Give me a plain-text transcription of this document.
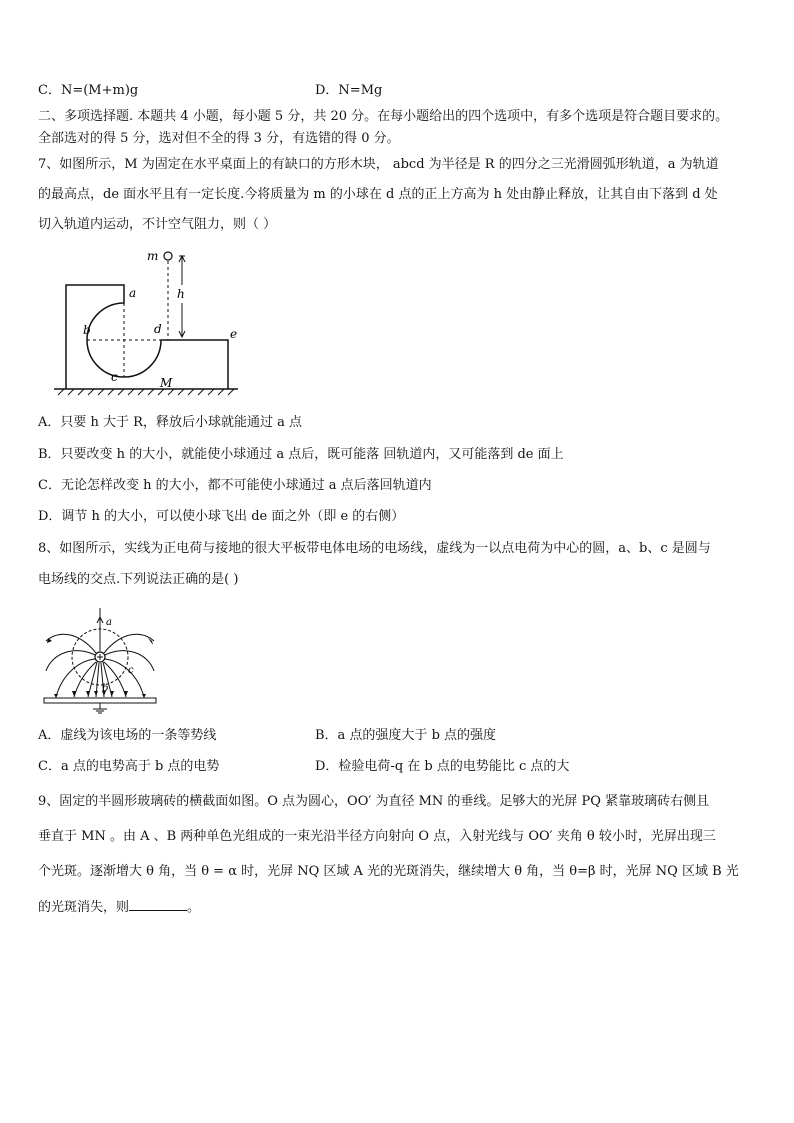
C．N=(M+m)g	D．N=Mg
二、多项选择题. 本题共 4 小题，每小题 5 分，共 20 分。在每小题给出的四个选项中，有多个选项是符合题目要求的。
全部选对的得 5 分，选对但不全的得 3 分，有选错的得 0 分。
7、如图所示，M 为固定在水平桌面上的有缺口的方形木块， abcd 为半径是 R 的四分之三光滑圆弧形轨道，a 为轨道
的最高点，de 面水平且有一定长度.今将质量为 m 的小球在 d 点的正上方高为 h 处由静止释放，让其自由下落到 d 处
切入轨道内运动，不计空气阻力，则（ ）
m
h
a
b	d	e
c	M
A．只要 h 大于 R，释放后小球就能通过 a 点
B．只要改变 h 的大小，就能使小球通过 a 点后，既可能落 回轨道内，又可能落到 de 面上
C．无论怎样改变 h 的大小，都不可能使小球通过 a 点后落回轨道内
D．调节 h 的大小，可以使小球飞出 de 面之外（即 e 的右侧）
8、如图所示，实线为正电荷与接地的很大平板带电体电场的电场线，虚线为一以点电荷为中心的圆，a、b、c 是圆与
电场线的交点.下列说法正确的是( )
a
b
c
A．虚线为该电场的一条等势线	B．a 点的强度大于 b 点的强度
C．a 点的电势高于 b 点的电势	D．检验电荷-q 在 b 点的电势能比 c 点的大
9、固定的半圆形玻璃砖的横截面如图。O 点为圆心，OO′ 为直径 MN 的垂线。足够大的光屏 PQ 紧靠玻璃砖右侧且
垂直于 MN 。由 A 、B 两种单色光组成的一束光沿半径方向射向 O 点，入射光线与 OO′ 夹角 θ 较小时，光屏出现三
个光斑。逐渐增大 θ 角，当 θ = α 时，光屏 NQ 区域 A 光的光斑消失，继续增大 θ 角，当 θ=β 时，光屏 NQ 区域 B 光
的光斑消失，则	。
